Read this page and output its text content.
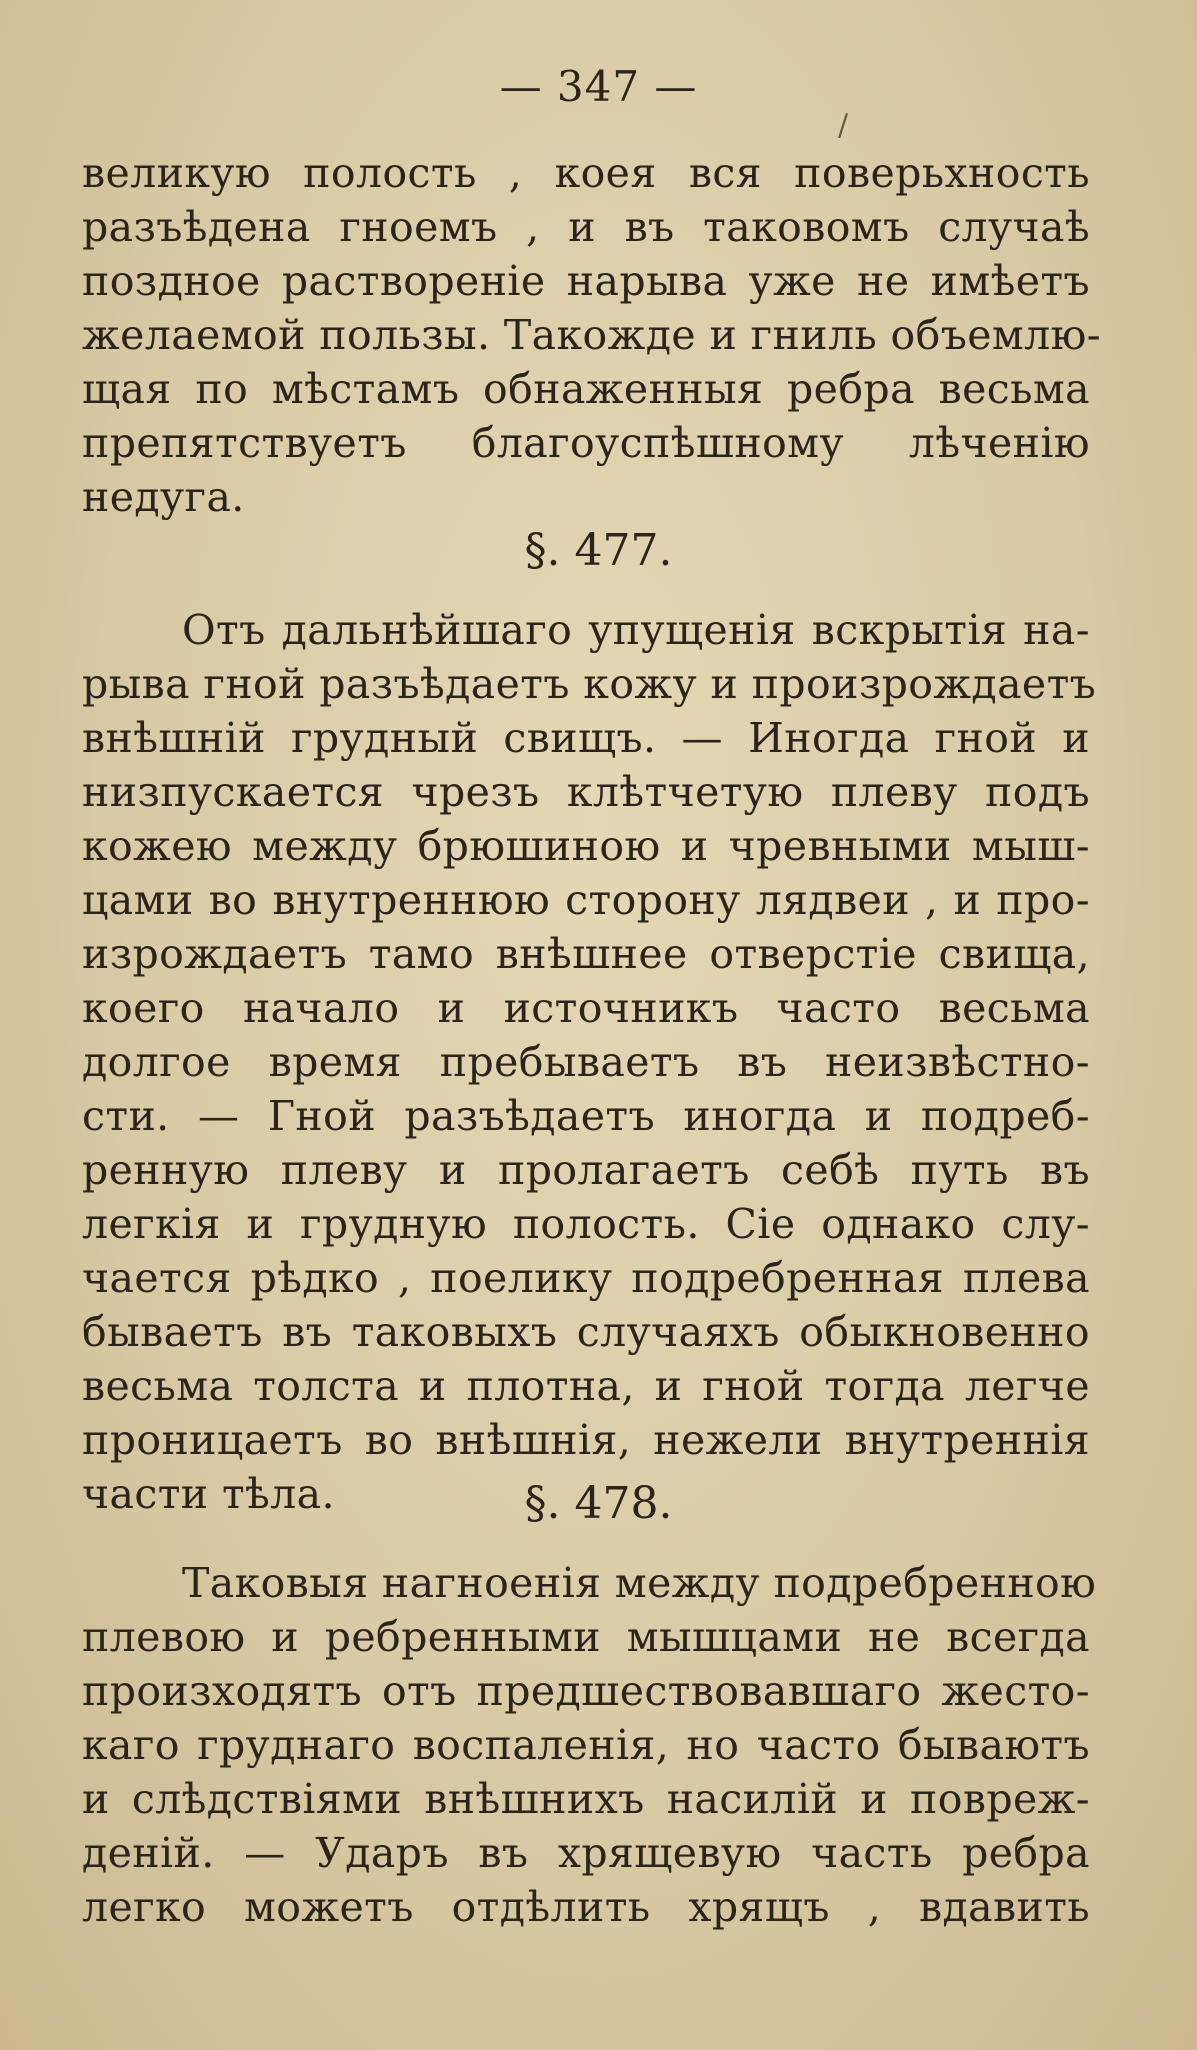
— 347 —
/
великую полость , коея вся поверьхность
разъѣдена гноемъ , и въ таковомъ случаѣ
поздное раствореніе нарыва уже не имѣетъ
желаемой пользы. Такожде и гниль объемлю-
щая по мѣстамъ обнаженныя ребра весьма
препятствуетъ благоуспѣшному лѣченію
недуга.
§. 477.
Отъ дальнѣйшаго упущенія вскрытія на-
рыва гной разъѣдаетъ кожу и произрождаетъ
внѣшній грудный свищъ. — Иногда гной и
низпускается чрезъ клѣтчетую плеву подъ
кожею между брюшиною и чревными мыш-
цами во внутреннюю сторону лядвеи , и про-
изрождаетъ тамо внѣшнее отверстіе свища,
коего начало и источникъ часто весьма
долгое время пребываетъ въ неизвѣстно-
сти. — Гной разъѣдаетъ иногда и подреб-
ренную плеву и пролагаетъ себѣ путь въ
легкія и грудную полость. Сіе однако слу-
чается рѣдко , поелику подребренная плева
бываетъ въ таковыхъ случаяхъ обыкновенно
весьма толста и плотна, и гной тогда легче
проницаетъ во внѣшнія, нежели внутреннія
части тѣла.	§. 478.
Таковыя нагноенія между подребренною
плевою и ребренными мышцами не всегда
произходятъ отъ предшествовавшаго жесто-
каго груднаго воспаленія, но часто бываютъ
и слѣдствіями внѣшнихъ насилій и повреж-
деній. — Ударъ въ хрящевую часть ребра
легко можетъ отдѣлить хрящъ , вдавить
